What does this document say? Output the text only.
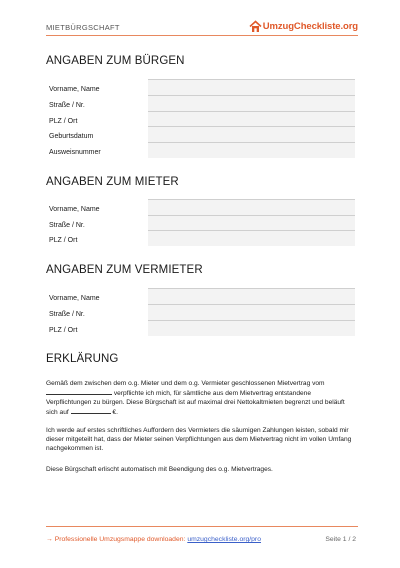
MIETBÜRGSCHAFT	UmzugCheckliste.org
ANGABEN ZUM BÜRGEN
Vorname, Name
Straße / Nr.
PLZ / Ort
Geburtsdatum
Ausweisnummer
ANGABEN ZUM MIETER
Vorname, Name
Straße / Nr.
PLZ / Ort
ANGABEN ZUM VERMIETER
Vorname, Name
Straße / Nr.
PLZ / Ort
ERKLÄRUNG

Gemäß dem zwischen dem o.g. Mieter und dem o.g. Vermieter geschlossenen Mietvertrag vom  verpflichte ich mich, für sämtliche aus dem Mietvertrag entstandene Verpflichtungen zu bürgen. Diese Bürgschaft ist auf maximal drei Nettokaltmieten begrenzt und beläuft sich auf	€.

Ich werde auf erstes schriftliches Auffordern des Vermieters die säumigen Zahlungen leisten, sobald mir dieser mitgeteilt hat, dass der Mieter seinen Verpflichtungen aus dem Mietvertrag nicht im vollen Umfang nachgekommen ist.

Diese Bürgschaft erlischt automatisch mit Beendigung des o.g. Mietvertrages.

→ Professionelle Umzugsmappe downloaden: umzugcheckliste.org/pro	Seite 1 / 2
